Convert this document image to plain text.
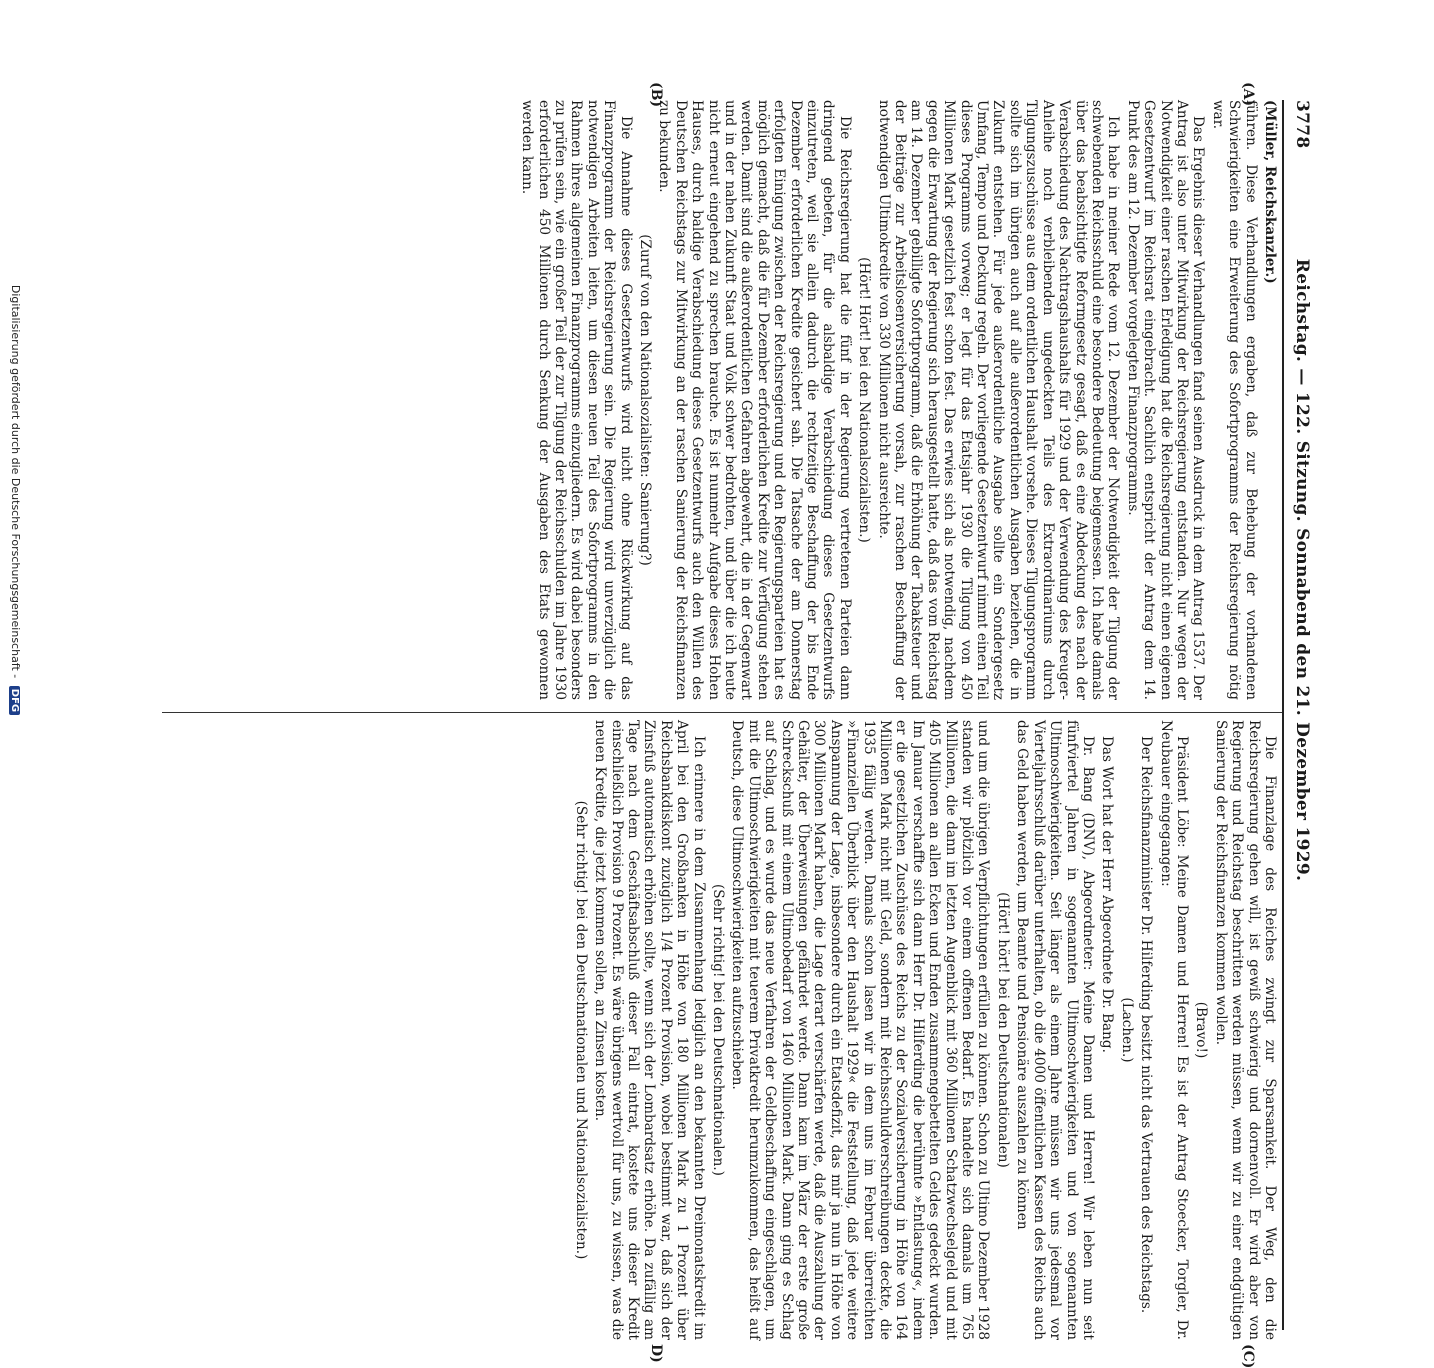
3778
Reichstag. — 122. Sitzung. Sonnabend den 21. Dezember 1929.
(A)
(B)
(C)
D)

(Müller, Reichskanzler.)

führen. Diese Verhandlungen ergaben, daß zur Behebung der vorhandenen Schwierigkeiten eine Erweiterung des Sofortprogramms der Reichsregierung nötig war.

Das Ergebnis dieser Verhandlungen fand seinen Ausdruck in dem Antrag 1537. Der Antrag ist also unter Mitwirkung der Reichsregierung entstanden. Nur wegen der Notwendigkeit einer raschen Erledigung hat die Reichsregierung nicht einen eigenen Gesetzentwurf im Reichsrat eingebracht. Sachlich entspricht der Antrag dem 14. Punkt des am 12. Dezember vorgelegten Finanzprogramms.

Ich habe in meiner Rede vom 12. Dezember der Notwendigkeit der Tilgung der schwebenden Reichsschuld eine besondere Bedeutung beigemessen. Ich habe damals über das beabsichtigte Reformgesetz gesagt, daß es eine Abdeckung des nach der Verabschiedung des Nachtragshaushalts für 1929 und der Verwendung des Kreuger-Anleihe noch verbleibenden ungedeckten Teils des Extraordinariums durch Tilgungszuschüsse aus dem ordentlichen Haushalt vorsehe. Dieses Tilgungsprogramm sollte sich im übrigen auch auf alle außerordentlichen Ausgaben beziehen, die in Zukunft entstehen. Für jede außerordentliche Ausgabe sollte ein Sondergesetz Umfang, Tempo und Deckung regeln. Der vorliegende Gesetzentwurf nimmt einen Teil dieses Programms vorweg; er legt für das Etatsjahr 1930 die Tilgung von 450 Millionen Mark gesetzlich fest schon fest. Das erwies sich als notwendig, nachdem gegen die Erwartung der Regierung sich herausgestellt hatte, daß das vom Reichstag am 14. Dezember gebilligte Sofortprogramm, daß die Erhöhung der Tabaksteuer und der Beiträge zur Arbeitslosenversicherung vorsah, zur raschen Beschaffung der notwendigen Ultimokredite von 330 Millionen nicht ausreichte.

(Hört! Hört! bei den Nationalsozialisten.)

Die Reichsregierung hat die fünf in der Regierung vertretenen Parteien dann dringend gebeten, für die alsbaldige Verabschiedung dieses Gesetzentwurfs einzutreten, weil sie allein dadurch die rechtzeitige Beschaffung der bis Ende Dezember erforderlichen Kredite gesichert sah. Die Tatsache der am Donnerstag erfolgten Einigung zwischen der Reichsregierung und den Regierungsparteien hat es möglich gemacht, daß die für Dezember erforderlichen Kredite zur Verfügung stehen werden. Damit sind die außerordentlichen Gefahren abgewehrt, die in der Gegenwart und in der nahen Zukunft Staat und Volk schwer bedrohten, und über die ich heute nicht erneut eingehend zu sprechen brauche. Es ist nunmehr Aufgabe dieses Hohen Hauses, durch baldige Verabschiedung dieses Gesetzentwurfs auch den Willen des Deutschen Reichstags zur Mitwirkung an der raschen Sanierung der Reichsfinanzen zu bekunden.

(Zuruf von den Nationalsozialisten: Sanierung?)

Die Annahme dieses Gesetzentwurfs wird nicht ohne Rückwirkung auf das Finanzprogramm der Reichsregierung sein. Die Regierung wird unverzüglich die notwendigen Arbeiten leiten, um diesen neuen Teil des Sofortprogramms in den Rahmen ihres allgemeinen Finanzprogramms einzugliedern. Es wird dabei besonders zu prüfen sein, wie ein großer Teil der zur Tilgung der Reichsschulden im Jahre 1930 erforderlichen 450 Millionen durch Senkung der Ausgaben des Etats gewonnen werden kann.

Die Finanzlage des Reiches zwingt zur Sparsamkeit. Der Weg, den die Reichsregierung gehen will, ist gewiß schwierig und dornenvoll. Er wird aber von Regierung und Reichstag beschritten werden müssen, wenn wir zu einer endgültigen Sanierung der Reichsfinanzen kommen wollen.

(Bravo!)

Präsident Löbe: Meine Damen und Herren! Es ist der Antrag Stoecker, Torgler, Dr. Neubauer eingegangen:

Der Reichsfinanzminister Dr. Hilferding besitzt nicht das Vertrauen des Reichstags.

(Lachen.)

Das Wort hat der Herr Abgeordnete Dr. Bang.

Dr. Bang (DNV), Abgeordneter: Meine Damen und Herren! Wir leben nun seit fünfviertel Jahren in sogenannten Ultimoschwierigkeiten und von sogenannten Ultimoschwierigkeiten. Seit länger als einem Jahre müssen wir uns jedesmal vor Vierteljahrsschluß darüber unterhalten, ob die 4000 öffentlichen Kassen des Reichs auch das Geld haben werden, um Beamte und Pensionäre auszahlen zu können

(Hört! hört! bei den Deutschnationalen)

und um die übrigen Verpflichtungen erfüllen zu können. Schon zu Ultimo Dezember 1928 standen wir plötzlich vor einem offenen Bedarf. Es handelte sich damals um 765 Millionen, die dann im letzten Augenblick mit 360 Millionen Schatzwechselgeld und mit 405 Millionen an allen Ecken und Enden zusammengebettelten Geldes gedeckt wurden. Im Januar verschaffte sich dann Herr Dr. Hilferding die berühmte »Entlastung«, indem er die gesetzlichen Zuschüsse des Reichs zu der Sozialversicherung in Höhe von 164 Millionen Mark nicht mit Geld, sondern mit Reichsschuldverschreibungen deckte, die 1935 fällig werden. Damals schon lasen wir in dem uns im Februar überreichten »Finanziellen Überblick über den Haushalt 1929« die Feststellung, daß jede weitere Anspannung der Lage, insbesondere durch ein Etatsdefizit, das mir ja nun in Höhe von 300 Millionen Mark haben, die Lage derart verschärfen werde, daß die Auszahlung der Gehälter, der Überweisungen gefährdet werde. Dann kam im März der erste große Schreckschuß mit einem Ultimobedarf von 1460 Millionen Mark. Dann ging es Schlag auf Schlag, und es wurde das neue Verfahren der Geldbeschaffung eingeschlagen, um mit die Ultimoschwierigkeiten mit teuerem Privatkredit herumzukommen, das heißt auf Deutsch, diese Ultimoschwierigkeiten aufzuschieben.

(Sehr richtig! bei den Deutschnationalen.)

Ich erinnere in dem Zusammenhang lediglich an den bekannten Dreimonatskredit im April bei den Großbanken in Höhe von 180 Millionen Mark zu 1 Prozent über Reichsbankdiskont zuzüglich 1/4 Prozent Provision, wobei bestimmt war, daß sich der Zinsfuß automatisch erhöhen sollte, wenn sich der Lombardsatz erhöhe. Da zufällig am Tage nach dem Geschäftsabschluß dieser Fall eintrat, kostete uns dieser Kredit einschließlich Provision 9 Prozent. Es wäre übrigens wertvoll für uns, zu wissen, was die neuen Kredite, die jetzt kommen sollen, an Zinsen kosten.

(Sehr richtig! bei den Deutschnationalen und Nationalsozialisten.)

Digitalisierung gefördert durch die Deutsche Forschungsgemeinschaft - DFG
